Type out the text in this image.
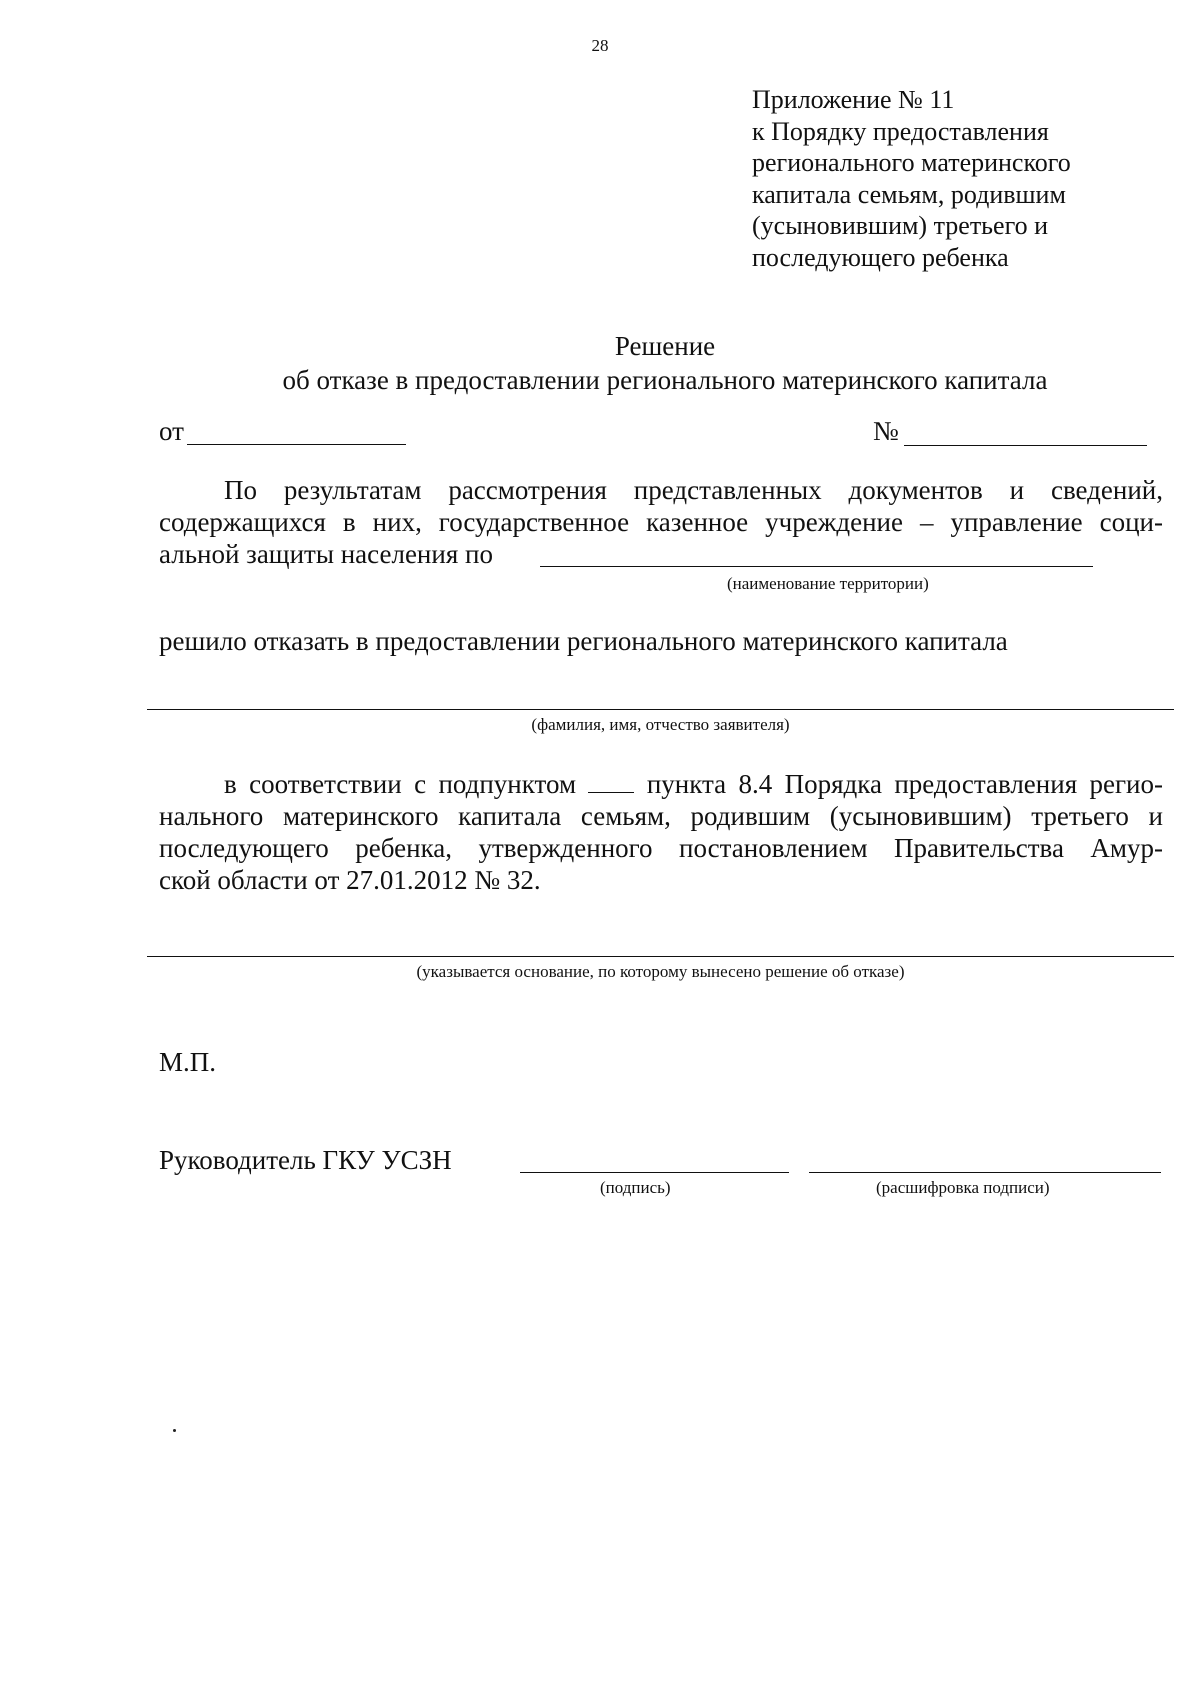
28
Приложение № 11
к Порядку предоставления
регионального материнского
капитала семьям, родившим
(усыновившим) третьего и
последующего ребенка
Решение
об отказе в предоставлении регионального материнского капитала
от	№
По результатам рассмотрения представленных документов и сведений,
содержащихся в них, государственное казенное учреждение – управление соци-
альной защиты населения по
(наименование территории)
решило отказать в предоставлении регионального материнского капитала
(фамилия, имя, отчество заявителя)
в соответствии с подпунктом	пункта 8.4 Порядка предоставления регио-
нального материнского капитала семьям, родившим (усыновившим) третьего и
последующего ребенка, утвержденного постановлением Правительства Амур-
ской области от 27.01.2012 № 32.
(указывается основание, по которому вынесено решение об отказе)
М.П.
Руководитель ГКУ УСЗН
(подпись)	(расшифровка подписи)
